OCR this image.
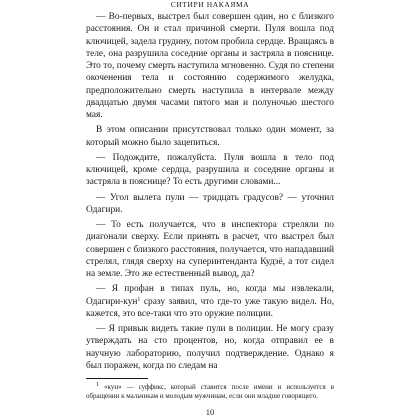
СИТИРИ НАКАЯМА

— Во-первых, выстрел был совершен один, но с близкого расстояния. Он и стал причиной смерти. Пуля вошла под ключицей, задела грудину, потом пробила сердце. Вращаясь в теле, она разрушила соседние органы и застряла в пояснице. Это то, почему смерть наступила мгновенно. Судя по степени окоченения тела и состоянию содержимого желудка, предположительно смерть наступила в интервале между двадцатью двумя часами пятого мая и полуночью шестого мая.

В этом описании присутствовал только один момент, за который можно было зацепиться.

— Подождите, пожалуйста. Пуля вошла в тело под ключицей, кроме сердца, разрушила и соседние органы и застряла в пояснице? То есть другими словами...

— Угол вылета пули — тридцать градусов? — уточнил Одагири.

— То есть получается, что в инспектора стреляли по диагонали сверху. Если принять в расчет, что выстрел был совершен с близкого расстояния, получается, что нападавший стрелял, глядя сверху на суперинтенданта Кудзё, а тот сидел на земле. Это же естественный вывод, да?

— Я профан в типах пуль, но, когда мы извлекали, Одагири-кун$^1$ сразу заявил, что где-то уже такую видел. Но, кажется, это все-таки что это оружие полиции.

— Я привык видеть такие пули в полиции. Не могу сразу утверждать на сто процентов, но, когда отправил ее в научную лабораторию, получил подтверждение. Однако я был поражен, когда по следам на

$^1$ «кун» — суффикс, который ставится после имени и используется в обращении к мальчикам и молодым мужчинам, если они младше говорящего.
10
